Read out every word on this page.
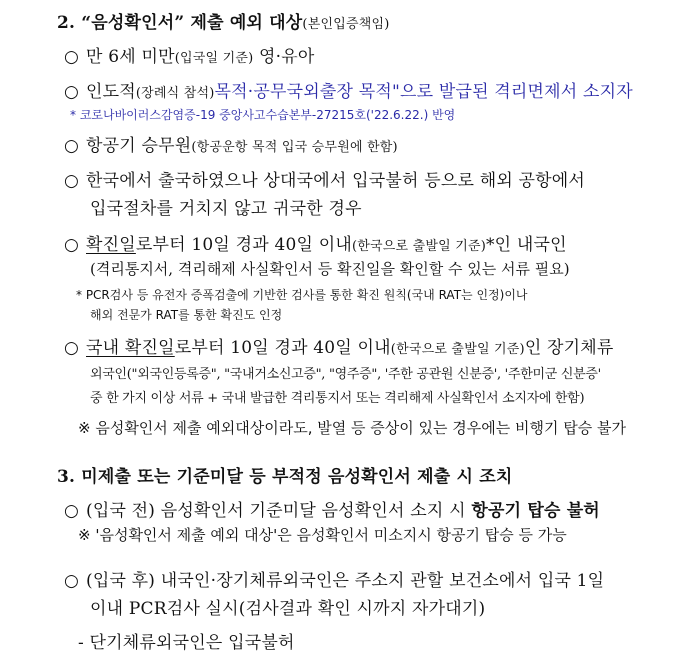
2. “음성확인서” 제출 예외 대상(본인입증책임)
○ 만 6세 미만(입국일 기준) 영·유아
○ 인도적(장례식 참석)목적·공무국외출장 목적"으로 발급된 격리면제서 소지자
* 코로나바이러스감염증-19 중앙사고수습본부-27215호('22.6.22.) 반영
○ 항공기 승무원(항공운항 목적 입국 승무원에 한함)
○ 한국에서 출국하였으나 상대국에서 입국불허 등으로 해외 공항에서
입국절차를 거치지 않고 귀국한 경우
○ 확진일로부터 10일 경과 40일 이내(한국으로 출발일 기준)*인 내국인
(격리통지서, 격리해제 사실확인서 등 확진일을 확인할 수 있는 서류 필요)
* PCR검사 등 유전자 증폭검출에 기반한 검사를 통한 확진 원칙(국내 RAT는 인정)이나
해외 전문가 RAT를 통한 확진도 인정
○ 국내 확진일로부터 10일 경과 40일 이내(한국으로 출발일 기준)인 장기체류
외국인("외국인등록증", "국내거소신고증", "영주증", '주한 공관원 신분증', '주한미군 신분증'
중 한 가지 이상 서류 + 국내 발급한 격리통지서 또는 격리해제 사실확인서 소지자에 한함)
※ 음성확인서 제출 예외대상이라도, 발열 등 증상이 있는 경우에는 비행기 탑승 불가
3. 미제출 또는 기준미달 등 부적정 음성확인서 제출 시 조치
○ (입국 전) 음성확인서 기준미달 음성확인서 소지 시 항공기 탑승 불허
※ '음성확인서 제출 예외 대상'은 음성확인서 미소지시 항공기 탑승 등 가능
○ (입국 후) 내국인·장기체류외국인은 주소지 관할 보건소에서 입국 1일
이내 PCR검사 실시(검사결과 확인 시까지 자가대기)
- 단기체류외국인은 입국불허
